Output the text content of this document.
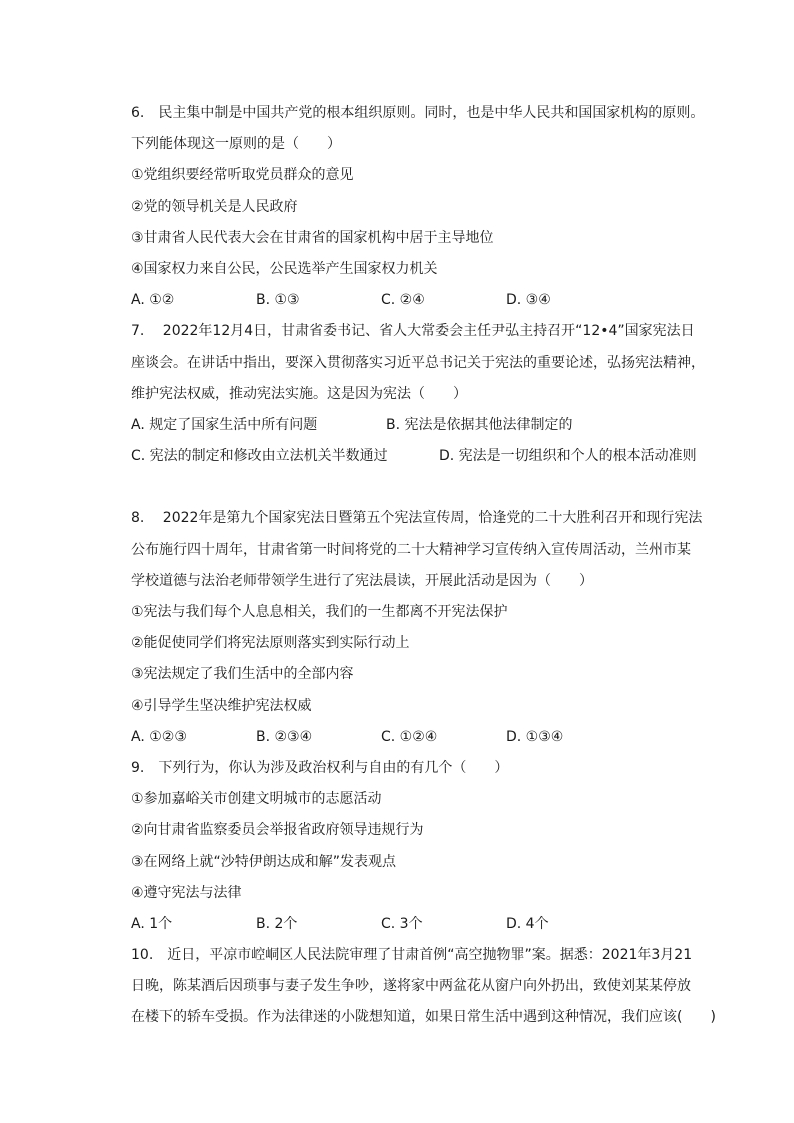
6.　民主集中制是中国共产党的根本组织原则。同时，也是中华人民共和国国家机构的原则。
下列能体现这一原则的是（　　）
①党组织要经常听取党员群众的意见
②党的领导机关是人民政府
③甘肃省人民代表大会在甘肃省的国家机构中居于主导地位
④国家权力来自公民，公民选举产生国家权力机关
A. ①②	B. ①③	C. ②④	D. ③④
7.　 2022年12月4日，甘肃省委书记、省人大常委会主任尹弘主持召开“12•4”国家宪法日
座谈会。在讲话中指出，要深入贯彻落实习近平总书记关于宪法的重要论述，弘扬宪法精神，
维护宪法权威，推动宪法实施。这是因为宪法（　　）
A. 规定了国家生活中所有问题	B. 宪法是依据其他法律制定的
C. 宪法的制定和修改由立法机关半数通过	D. 宪法是一切组织和个人的根本活动准则
8.　 2022年是第九个国家宪法日暨第五个宪法宣传周，恰逢党的二十大胜利召开和现行宪法
公布施行四十周年，甘肃省第一时间将党的二十大精神学习宣传纳入宣传周活动，兰州市某
学校道德与法治老师带领学生进行了宪法晨读，开展此活动是因为（　　）
①宪法与我们每个人息息相关，我们的一生都离不开宪法保护
②能促使同学们将宪法原则落实到实际行动上
③宪法规定了我们生活中的全部内容
④引导学生坚决维护宪法权威
A. ①②③	B. ②③④	C. ①②④	D. ①③④
9.　下列行为，你认为涉及政治权利与自由的有几个（　　）
①参加嘉峪关市创建文明城市的志愿活动
②向甘肃省监察委员会举报省政府领导违规行为
③在网络上就“沙特伊朗达成和解”发表观点
④遵守宪法与法律
A. 1个	B. 2个	C. 3个	D. 4个
10.　近日，平凉市崆峒区人民法院审理了甘肃首例“高空抛物罪”案。据悉：2021年3月21
日晚，陈某酒后因琐事与妻子发生争吵，遂将家中两盆花从窗户向外扔出，致使刘某某停放
在楼下的轿车受损。作为法律迷的小陇想知道，如果日常生活中遇到这种情况，我们应该(　　)
